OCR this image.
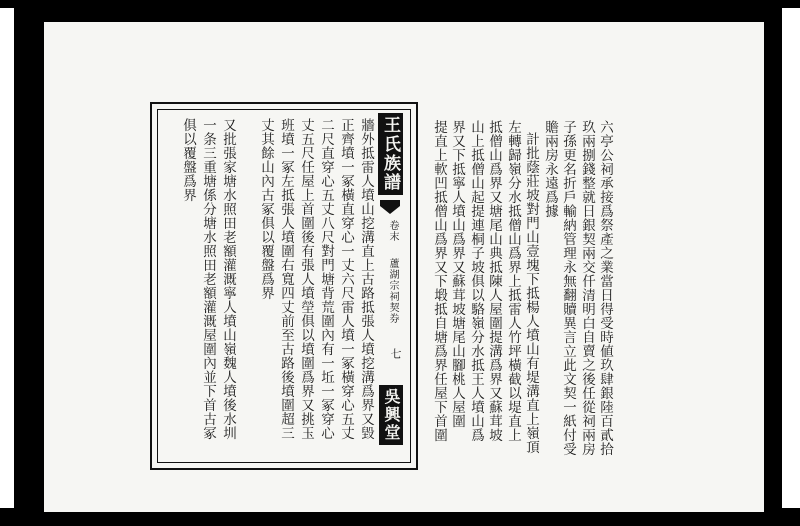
六亭公祠承接爲祭產之業當日得受時値玖肆銀陸百貳拾
玖兩捌錢整就日銀契兩交仟清明白自賣之後任從祠兩房
子孫更名折戶輸納管理永無翻贖異言立此文契一紙付受
贍兩房永遠爲據
計批蔭莊坡對門山壹塊下抵楊人墳山有堤溝直上嶺頂
左轉歸嶺分水抵僧山爲界上抵雷人竹坪橫截以堤直上
抵僧山爲界又塘尾山典抵陳人屋圍提溝爲界又蘇茸坡
山上抵僧山起提連桐子坡俱以駱嶺分水抵王人墳山爲
界又下抵寧人墳山爲界又蘇茸坡塘尾山腳桃人屋圍
提直上軟凹抵僧山爲界又下塅抵自塘爲界任屋下首圍
王氏族譜
卷末
蘆湖宗祠契券
七
吳興堂
牆外抵雷人墳山挖溝直上古路抵張人墳挖溝爲界又毀
正齊墳一冢橫直穿心一丈六尺雷人墳一冢橫穿心五丈
二尺直穿心五丈八尺對門塘背荒圍內有一坵一冢穿心
丈五尺任屋上首圍後有張人墳塋俱以墳圍爲界又挑玉
班墳一冢左抵張人墳圍右寬四丈前至古路後墳圍超三
丈其餘山內古冢俱以覆盤爲界
又批張家塘水照田老額灌溉寧人墳山嶺魏人墳後水圳
一条三重塘係分塘水照田老額灌溉屋圍內並下首古冢
俱以覆盤爲界
